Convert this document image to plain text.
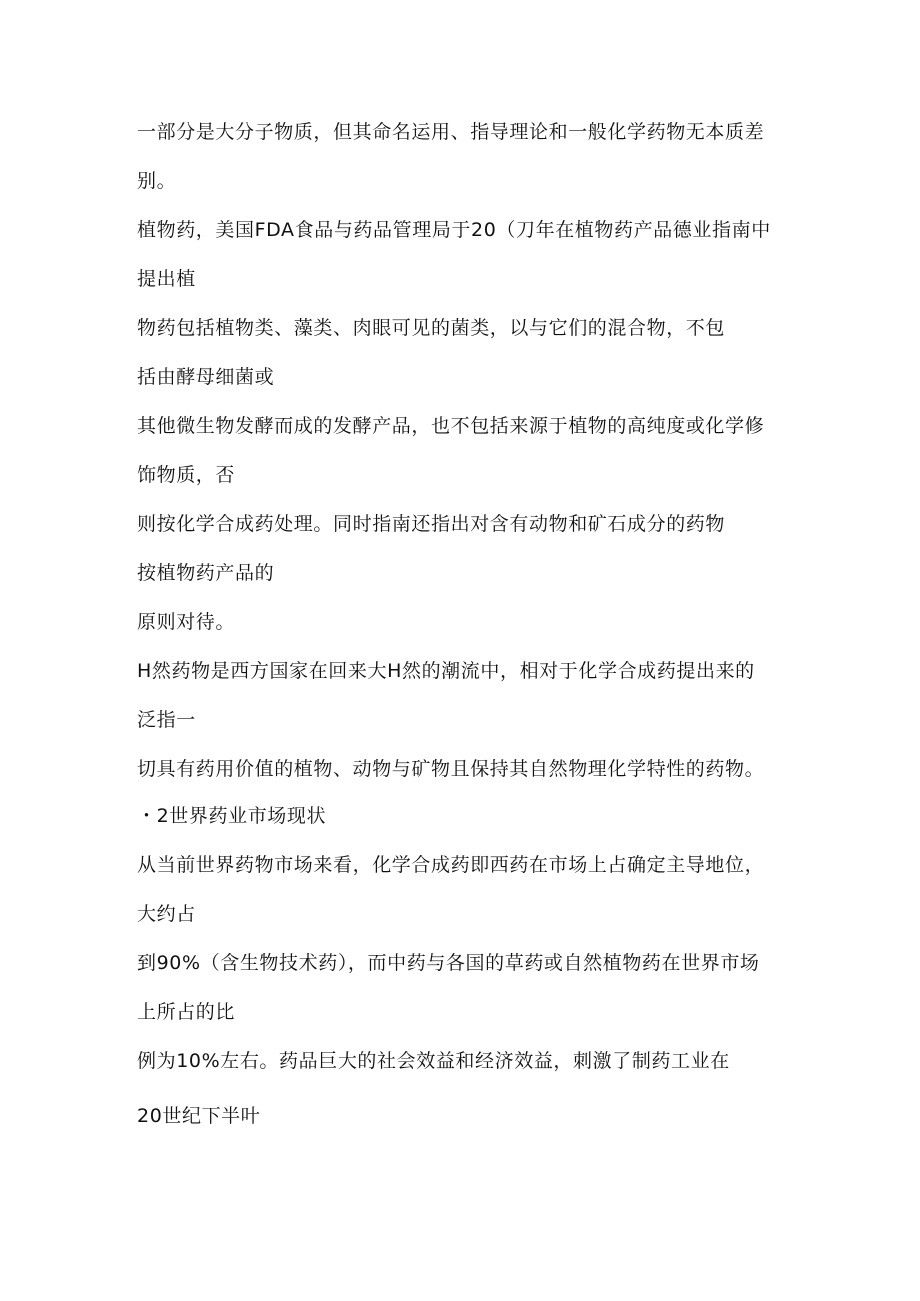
一部分是大分子物质，但其命名运用、指导理论和一般化学药物无本质差
别。
植物药，美国FDA食品与药品管理局于20（刀年在植物药产品德业指南中
提出植
物药包括植物类、藻类、肉眼可见的菌类，以与它们的混合物，不包
括由酵母细菌或
其他微生物发酵而成的发酵产品，也不包括来源于植物的高纯度或化学修
饰物质，否
则按化学合成药处理。同时指南还指出对含有动物和矿石成分的药物
按植物药产品的
原则对待。
H然药物是西方国家在回来大H然的潮流中，相对于化学合成药提出来的
泛指一
切具有药用价值的植物、动物与矿物且保持其自然物理化学特性的药物。
・2世界药业市场现状
从当前世界药物市场来看，化学合成药即西药在市场上占确定主导地位，
大约占
到90%（含生物技术药），而中药与各国的草药或自然植物药在世界市场
上所占的比
例为10%左右。药品巨大的社会效益和经济效益，刺激了制药工业在
20世纪下半叶
